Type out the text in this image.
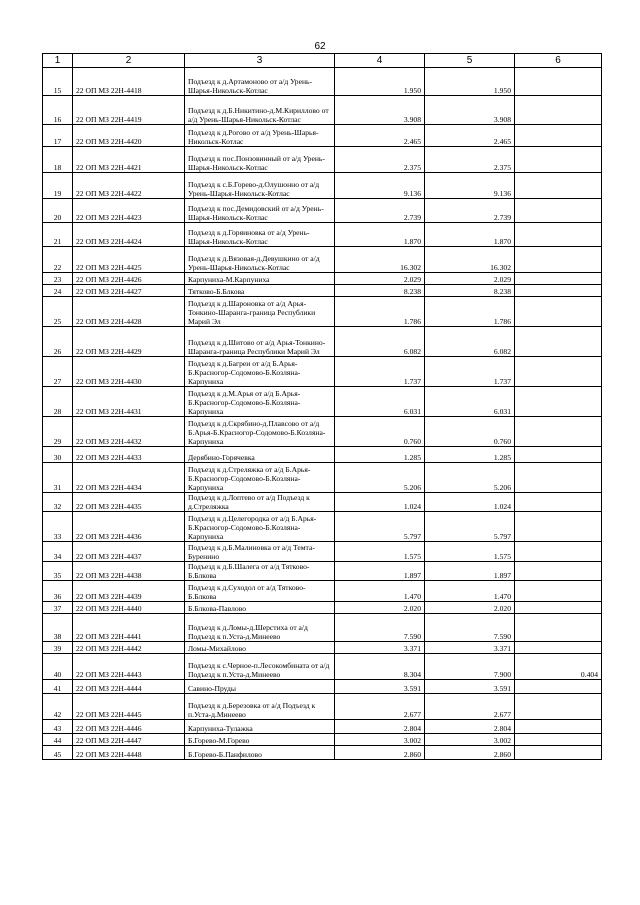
62
1	2	3	4	5	6
15	22 ОП МЗ 22Н-4418	Подъезд к д.Артамоново от а/д Урень-Шарья-Никольск-Котлас	1.950	1.950	
16	22 ОП МЗ 22Н-4419	Подъезд к д.Б.Никитино-д.М.Кириллово от а/д Урень-Шарья-Никольск-Котлас	3.908	3.908	
17	22 ОП МЗ 22Н-4420	Подъезд к д.Рогово от а/д Урень-Шарья-Никольск-Котлас	2.465	2.465	
18	22 ОП МЗ 22Н-4421	Подъезд к пос.Понзовинный от а/д Урень-Шарья-Никольск-Котлас	2.375	2.375	
19	22 ОП МЗ 22Н-4422	Подъезд к с.Б.Горево-д.Олушонно от а/д Урень-Шарья-Никольск-Котлас	9.136	9.136	
20	22 ОП МЗ 22Н-4423	Подъезд к пос.Демидовский от а/д Урень-Шарья-Никольск-Котлас	2.739	2.739	
21	22 ОП МЗ 22Н-4424	Подъезд к д.Горяиновка от а/д Урень-Шарья-Никольск-Котлас	1.870	1.870	
22	22 ОП МЗ 22Н-4425	Подъезд к д.Вязовая-д.Девушкино от а/д Урень-Шарья-Никольск-Котлас	16.302	16.302	
23	22 ОП МЗ 22Н-4426	Карпуниха-М.Карпуниха	2.029	2.029	
24	22 ОП МЗ 22Н-4427	Тятково-Б.Блкова	8.238	8.238	
25	22 ОП МЗ 22Н-4428	Подъезд к д.Шароновка от а/д Арья-Тонкино-Шаранга-граница Республики Марий Эл	1.786	1.786	
26	22 ОП МЗ 22Н-4429	Подъезд к д.Шитово от а/д Арья-Тонкино-Шаранга-граница Республики Марий Эл	6.082	6.082	
27	22 ОП МЗ 22Н-4430	Подъезд к д.Багреи от а/д Б.Арья-Б.Красногор-Содомово-Б.Козляна-Карпуниха	1.737	1.737	
28	22 ОП МЗ 22Н-4431	Подъезд к д.М.Арья от а/д Б.Арья-Б.Красногор-Содомово-Б.Козляна-Карпуниха	6.031	6.031	
29	22 ОП МЗ 22Н-4432	Подъезд к д.Скрябино-д.Плавсово от а/д Б.Арья-Б.Красногор-Содомово-Б.Козляна-Карпуниха	0.760	0.760	
30	22 ОП МЗ 22Н-4433	Дерябино-Горячевка	1.285	1.285	
31	22 ОП МЗ 22Н-4434	Подъезд к д.Стреляжка от а/д Б.Арья-Б.Красногор-Содомово-Б.Козляна-Карпуниха	5.206	5.206	
32	22 ОП МЗ 22Н-4435	Подъезд к д.Лоптево от а/д Подъезд к д.Стреляжка	1.024	1.024	
33	22 ОП МЗ 22Н-4436	Подъезд к д.Целегородка от а/д Б.Арья-Б.Красногор-Содомово-Б.Козляна-Карпуниха	5.797	5.797	
34	22 ОП МЗ 22Н-4437	Подъезд к д.Б.Малиновка от а/д Темта-Буренино	1.575	1.575	
35	22 ОП МЗ 22Н-4438	Подъезд к д.Б.Шалега от а/д Тятково-Б.Блкова	1.897	1.897	
36	22 ОП МЗ 22Н-4439	Подъезд к д.Суходол от а/д Тятково-Б.Блкова	1.470	1.470	
37	22 ОП МЗ 22Н-4440	Б.Блкова-Павлово	2.020	2.020	
38	22 ОП МЗ 22Н-4441	Подъезд к д.Ломы-д.Шерстиха от а/д Подъезд к п.Уста-д.Минеево	7.590	7.590	
39	22 ОП МЗ 22Н-4442	Ломы-Михайлово	3.371	3.371	
40	22 ОП МЗ 22Н-4443	Подъезд к с.Черное-п.Лесокомбината от а/д Подъезд к п.Уста-д.Минеево	8.304	7.900	0.404
41	22 ОП МЗ 22Н-4444	Савино-Пруды	3.591	3.591	
42	22 ОП МЗ 22Н-4445	Подъезд к д.Березовка от а/д Подъезд к п.Уста-д.Минеево	2.677	2.677	
43	22 ОП МЗ 22Н-4446	Карпуниха-Тулажка	2.804	2.804	
44	22 ОП МЗ 22Н-4447	Б.Горево-М.Горево	3.002	3.002	
45	22 ОП МЗ 22Н-4448	Б.Горево-Б.Панфилово	2.860	2.860	
